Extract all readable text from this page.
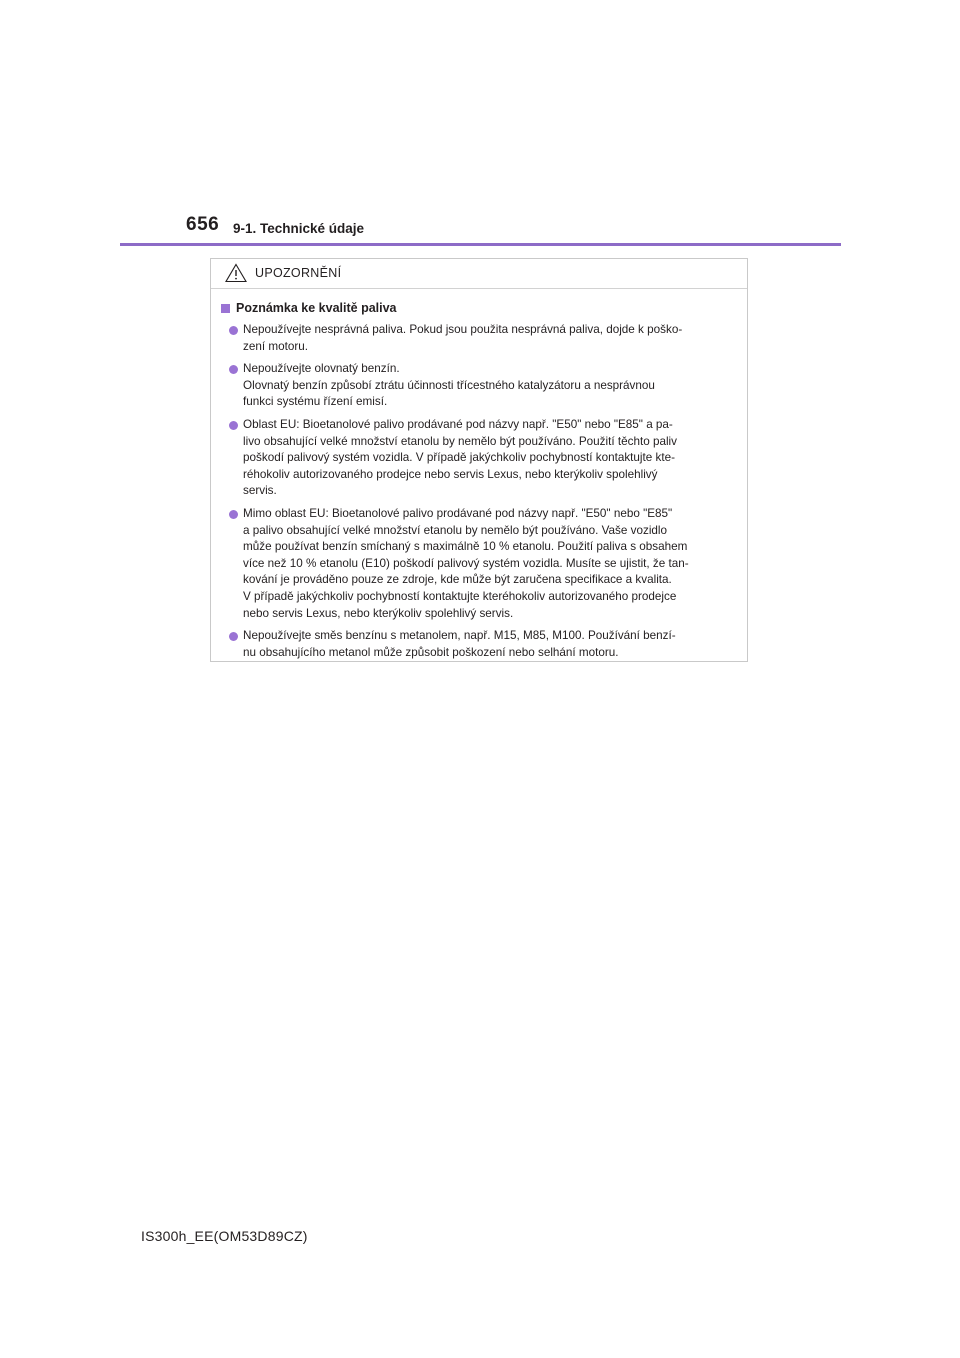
656 9-1. Technické údaje
UPOZORNĚNÍ
Poznámka ke kvalitě paliva
Nepoužívejte nesprávná paliva. Pokud jsou použita nesprávná paliva, dojde k poško-
zení motoru.
Nepoužívejte olovnatý benzín.
Olovnatý benzín způsobí ztrátu účinnosti třícestného katalyzátoru a nesprávnou
funkci systému řízení emisí.
Oblast EU: Bioetanolové palivo prodávané pod názvy např. "E50" nebo "E85" a pa-
livo obsahující velké množství etanolu by nemělo být používáno. Použití těchto paliv
poškodí palivový systém vozidla. V případě jakýchkoliv pochybností kontaktujte kte-
réhokoliv autorizovaného prodejce nebo servis Lexus, nebo kterýkoliv spolehlivý
servis.
Mimo oblast EU: Bioetanolové palivo prodávané pod názvy např. "E50" nebo "E85"
a palivo obsahující velké množství etanolu by nemělo být používáno. Vaše vozidlo
může používat benzín smíchaný s maximálně 10 % etanolu. Použití paliva s obsahem
více než 10 % etanolu (E10) poškodí palivový systém vozidla. Musíte se ujistit, že tan-
kování je prováděno pouze ze zdroje, kde může být zaručena specifikace a kvalita.
V případě jakýchkoliv pochybností kontaktujte kteréhokoliv autorizovaného prodejce
nebo servis Lexus, nebo kterýkoliv spolehlivý servis.
Nepoužívejte směs benzínu s metanolem, např. M15, M85, M100. Používání benzí-
nu obsahujícího metanol může způsobit poškození nebo selhání motoru.
IS300h_EE(OM53D89CZ)
